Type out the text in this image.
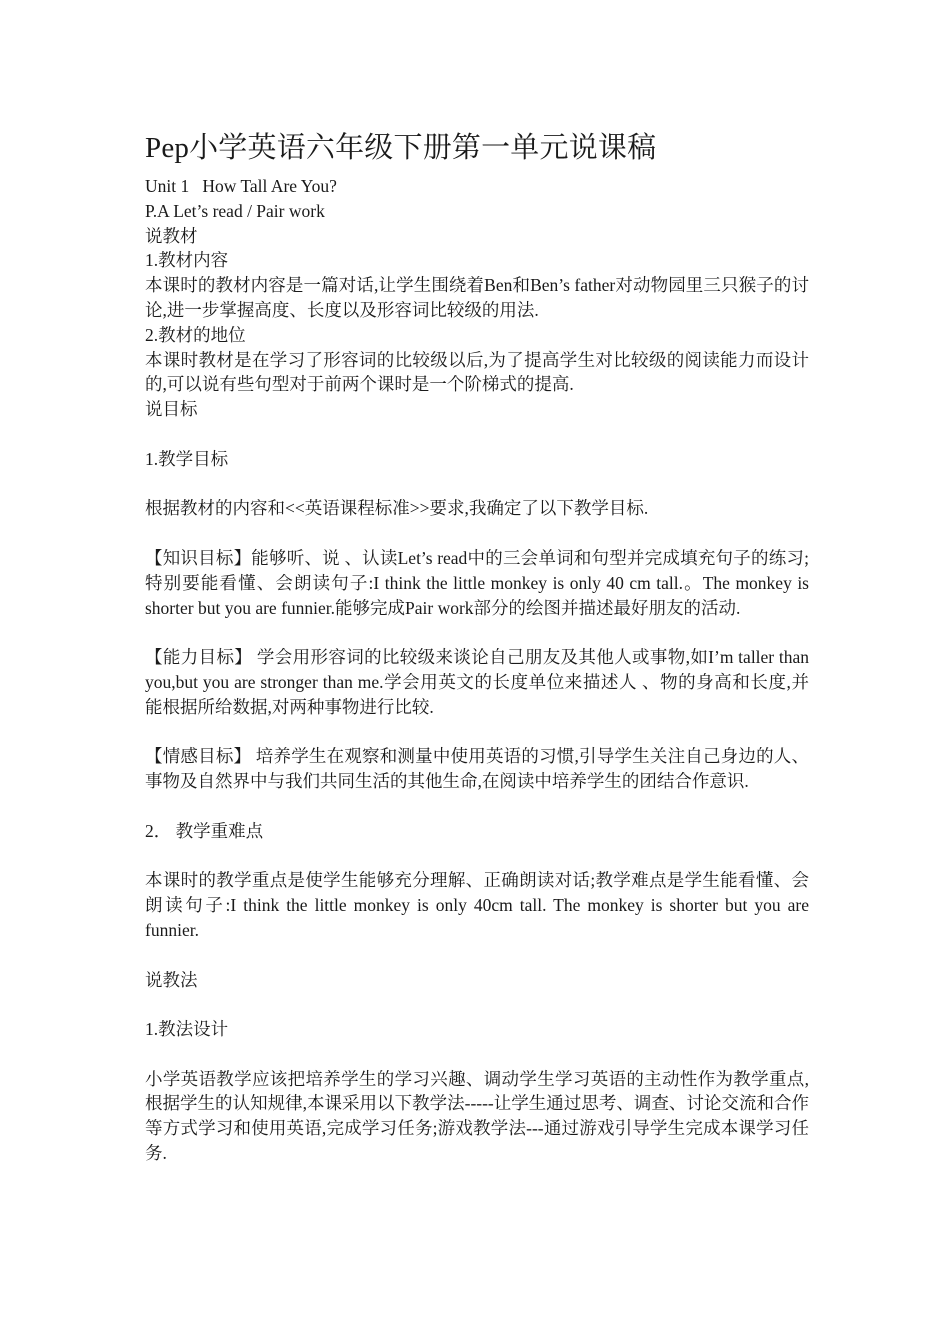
Pep小学英语六年级下册第一单元说课稿

Unit 1   How Tall Are You?

P.A Let’s read / Pair work

说教材

1.教材内容

本课时的教材内容是一篇对话,让学生围绕着Ben和Ben’s father对动物园里三只猴子的讨论,进一步掌握高度、长度以及形容词比较级的用法.

2.教材的地位

本课时教材是在学习了形容词的比较级以后,为了提高学生对比较级的阅读能力而设计的,可以说有些句型对于前两个课时是一个阶梯式的提高.

说目标

1.教学目标

根据教材的内容和<<英语课程标准>>要求,我确定了以下教学目标.

【知识目标】能够听、说 、认读Let’s read中的三会单词和句型并完成填充句子的练习;特别要能看懂、会朗读句子:I think the little monkey is only 40 cm tall.。The monkey is shorter but you are funnier.能够完成Pair work部分的绘图并描述最好朋友的活动.

【能力目标】 学会用形容词的比较级来谈论自己朋友及其他人或事物,如I’m taller than you,but you are stronger than me.学会用英文的长度单位来描述人 、物的身高和长度,并能根据所给数据,对两种事物进行比较.

【情感目标】 培养学生在观察和测量中使用英语的习惯,引导学生关注自己身边的人、 事物及自然界中与我们共同生活的其他生命,在阅读中培养学生的团结合作意识.

2． 教学重难点

本课时的教学重点是使学生能够充分理解、正确朗读对话;教学难点是学生能看懂、会朗读句子:I think the little monkey is only 40cm tall. The monkey is shorter but you are funnier.

说教法

1.教法设计

小学英语教学应该把培养学生的学习兴趣、调动学生学习英语的主动性作为教学重点,根据学生的认知规律,本课采用以下教学法-----让学生通过思考、调查、讨论交流和合作等方式学习和使用英语,完成学习任务;游戏教学法---通过游戏引导学生完成本课学习任务.
